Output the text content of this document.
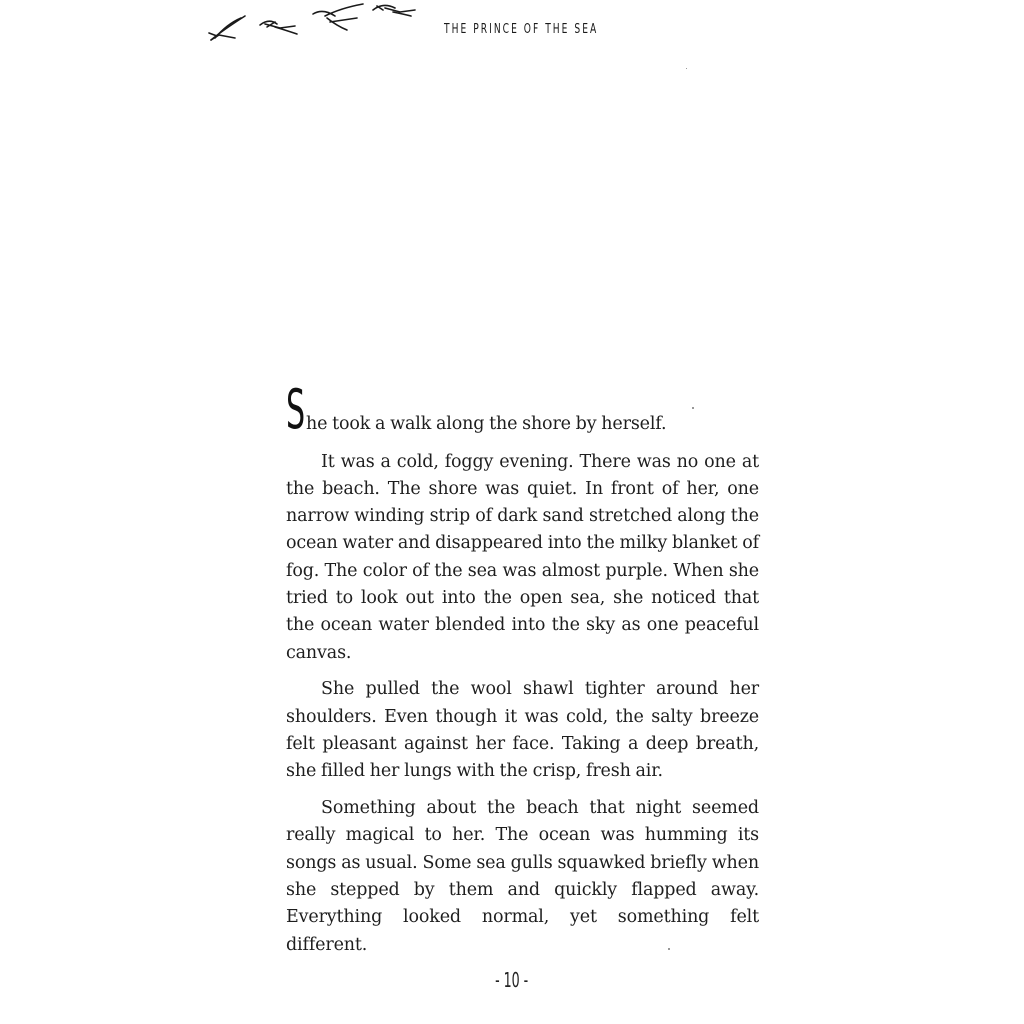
THE PRINCE OF THE SEA
S he took a walk along the shore by herself.

It was a cold, foggy evening. There was no one at the beach. The shore was quiet. In front of her, one narrow winding strip of dark sand stretched along the ocean water and disappeared into the milky blanket of fog. The color of the sea was almost purple. When she tried to look out into the open sea, she noticed that the ocean water blended into the sky as one peaceful canvas.

She pulled the wool shawl tighter around her shoulders. Even though it was cold, the salty breeze felt pleasant against her face. Taking a deep breath, she filled her lungs with the crisp, fresh air.

Something about the beach that night seemed really magical to her. The ocean was humming its songs as usual. Some sea gulls squawked briefly when she stepped by them and quickly flapped away. Everything looked normal, yet something felt different.

- 10 -
